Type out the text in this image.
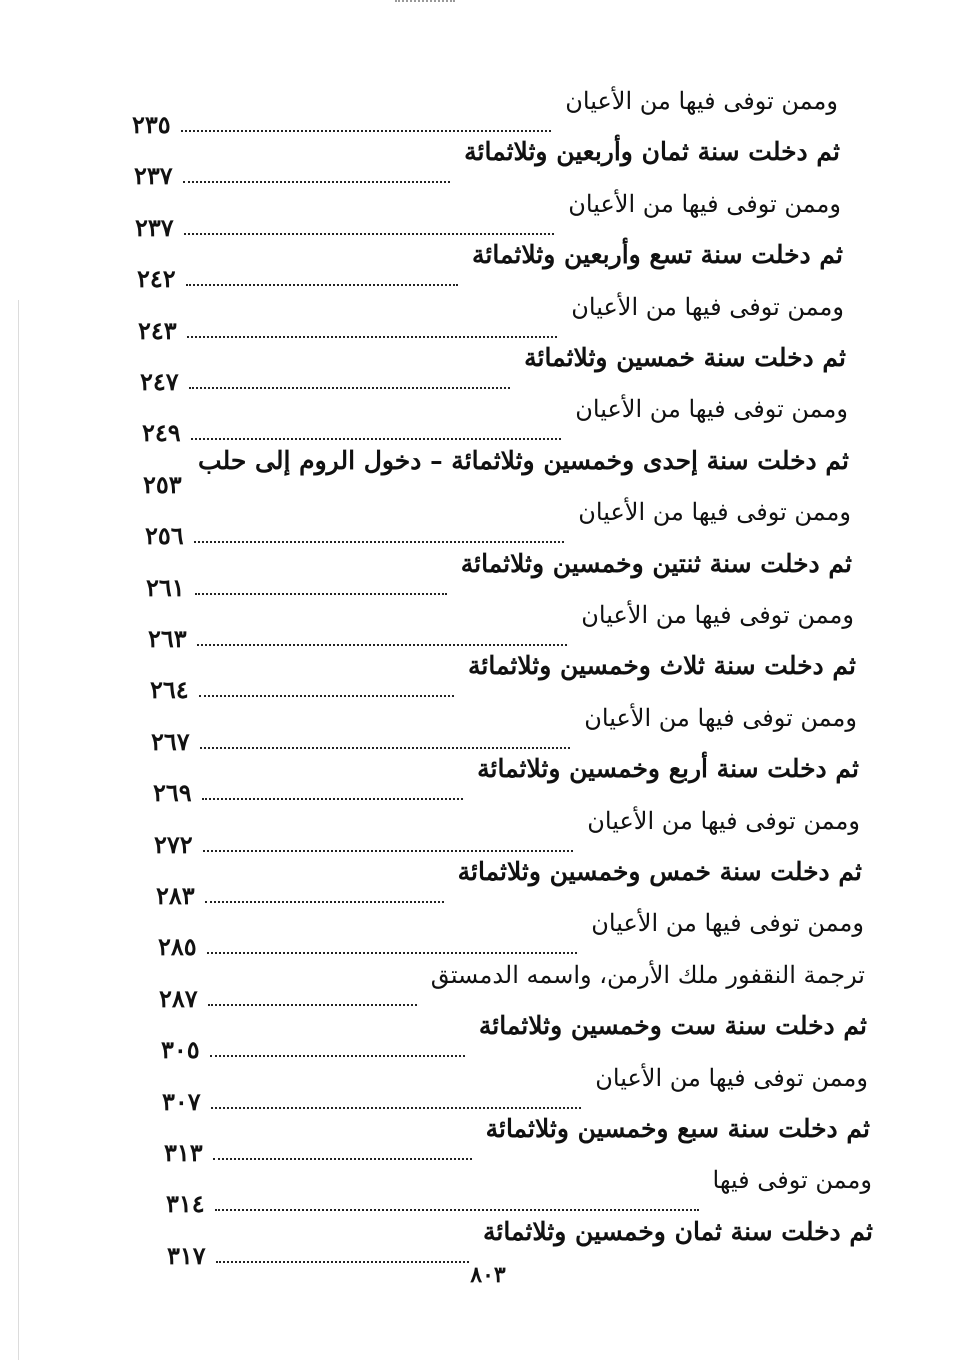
وممن توفى فيها من الأعيان
٢٣٥
ثم دخلت سنة ثمان وأربعين وثلاثمائة
٢٣٧
وممن توفى فيها من الأعيان
٢٣٧
ثم دخلت سنة تسع وأربعين وثلاثمائة
٢٤٢
وممن توفى فيها من الأعيان
٢٤٣
ثم دخلت سنة خمسين وثلاثمائة
٢٤٧
وممن توفى فيها من الأعيان
٢٤٩
ثم دخلت سنة إحدى وخمسين وثلاثمائة – دخول الروم إلى حلب
٢٥٣
وممن توفى فيها من الأعيان
٢٥٦
ثم دخلت سنة ثنتين وخمسين وثلاثمائة
٢٦١
وممن توفى فيها من الأعيان
٢٦٣
ثم دخلت سنة ثلاث وخمسين وثلاثمائة
٢٦٤
وممن توفى فيها من الأعيان
٢٦٧
ثم دخلت سنة أربع وخمسين وثلاثمائة
٢٦٩
وممن توفى فيها من الأعيان
٢٧٢
ثم دخلت سنة خمس وخمسين وثلاثمائة
٢٨٣
وممن توفى فيها من الأعيان
٢٨٥
ترجمة النقفور ملك الأرمن، واسمه الدمستق
٢٨٧
ثم دخلت سنة ست وخمسين وثلاثمائة
٣٠٥
وممن توفى فيها من الأعيان
٣٠٧
ثم دخلت سنة سبع وخمسين وثلاثمائة
٣١٣
وممن توفى فيها
٣١٤
ثم دخلت سنة ثمان وخمسين وثلاثمائة
٣١٧
٨٠٣
